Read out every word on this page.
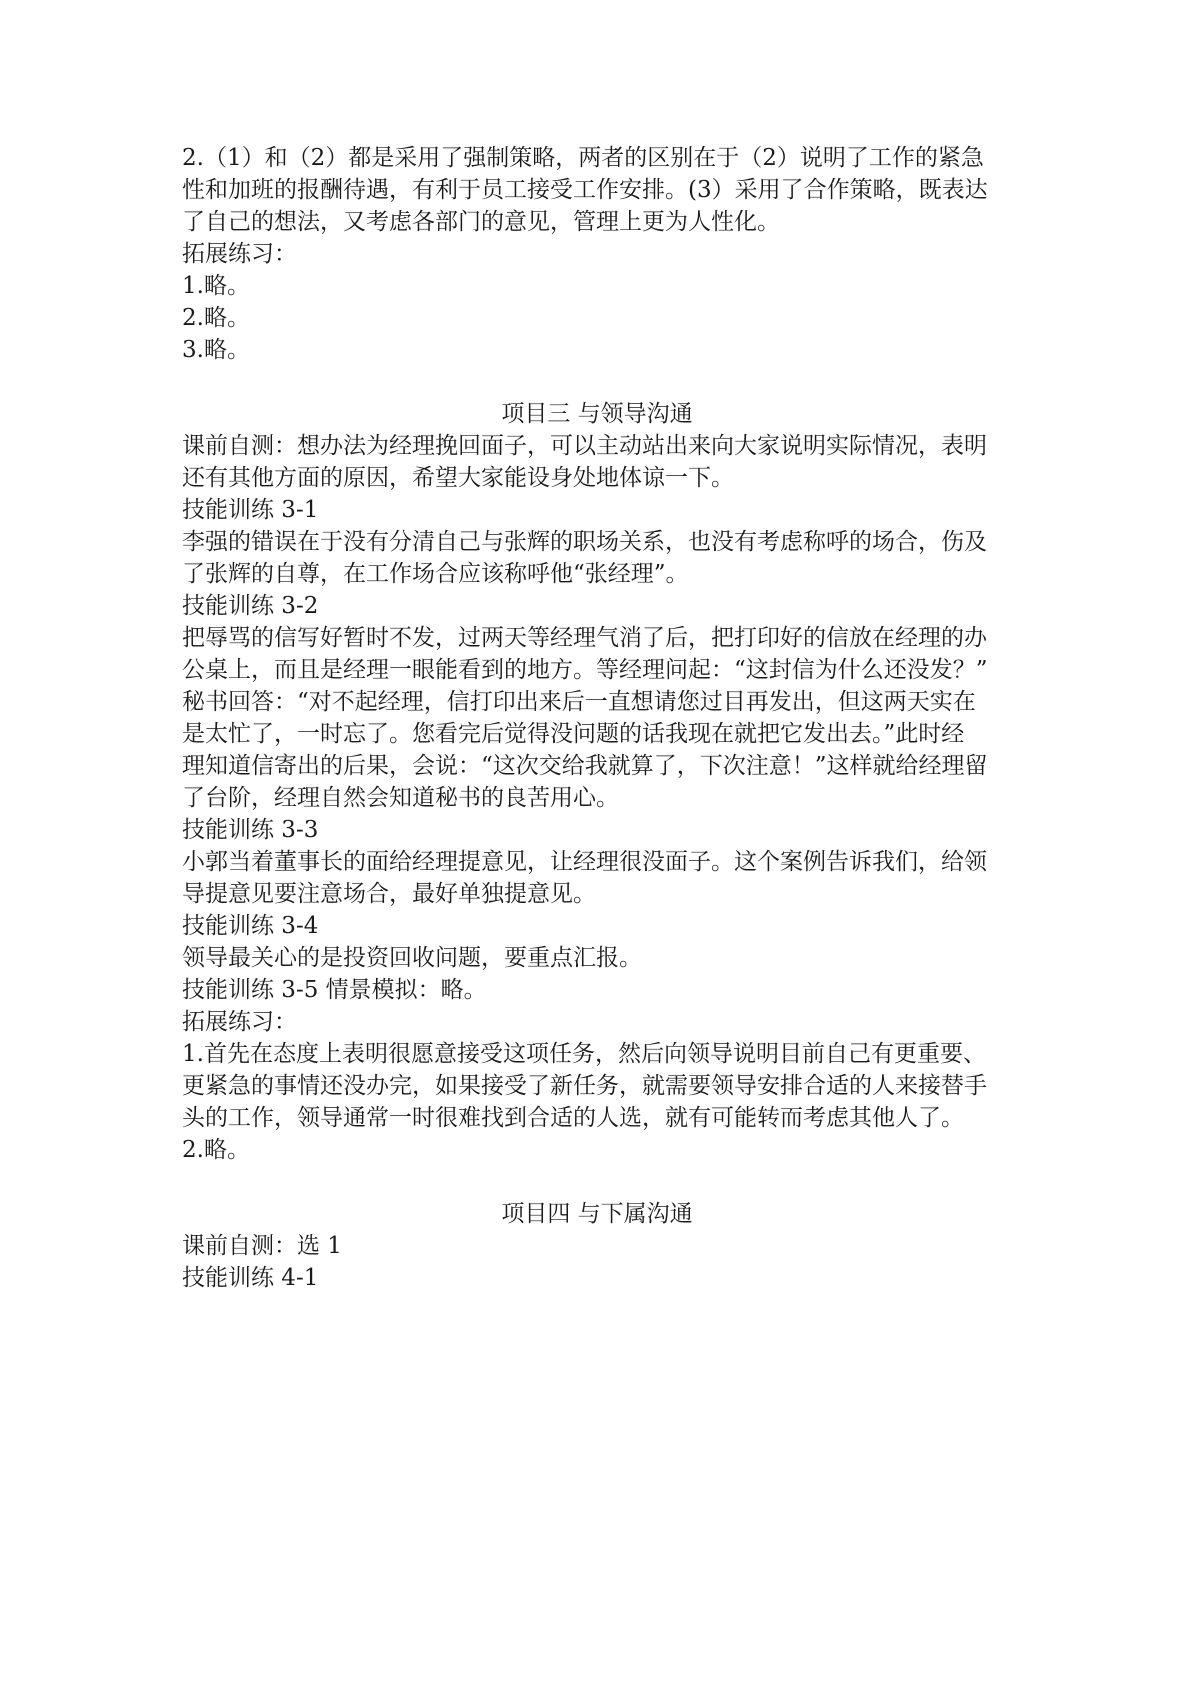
2.（1）和（2）都是采用了强制策略，两者的区别在于（2）说明了工作的紧急

性和加班的报酬待遇，有利于员工接受工作安排。(3）采用了合作策略，既表达

了自己的想法，又考虑各部门的意见，管理上更为人性化。

拓展练习：

1.略。

2.略。

3.略。

项目三 与领导沟通

课前自测：想办法为经理挽回面子，可以主动站出来向大家说明实际情况，表明

还有其他方面的原因，希望大家能设身处地体谅一下。

技能训练 3-1

李强的错误在于没有分清自己与张辉的职场关系，也没有考虑称呼的场合，伤及

了张辉的自尊，在工作场合应该称呼他“张经理”。

技能训练 3-2

把辱骂的信写好暂时不发，过两天等经理气消了后，把打印好的信放在经理的办

公桌上，而且是经理一眼能看到的地方。等经理问起：“这封信为什么还没发？”

秘书回答：“对不起经理，信打印出来后一直想请您过目再发出，但这两天实在

是太忙了，一时忘了。您看完后觉得没问题的话我现在就把它发出去。”此时经

理知道信寄出的后果，会说：“这次交给我就算了，下次注意！”这样就给经理留

了台阶，经理自然会知道秘书的良苦用心。

技能训练 3-3

小郭当着董事长的面给经理提意见，让经理很没面子。这个案例告诉我们，给领

导提意见要注意场合，最好单独提意见。

技能训练 3-4

领导最关心的是投资回收问题，要重点汇报。

技能训练 3-5 情景模拟：略。

拓展练习：

1.首先在态度上表明很愿意接受这项任务，然后向领导说明目前自己有更重要、

更紧急的事情还没办完，如果接受了新任务，就需要领导安排合适的人来接替手

头的工作，领导通常一时很难找到合适的人选，就有可能转而考虑其他人了。

2.略。

项目四 与下属沟通

课前自测：选 1

技能训练 4-1
